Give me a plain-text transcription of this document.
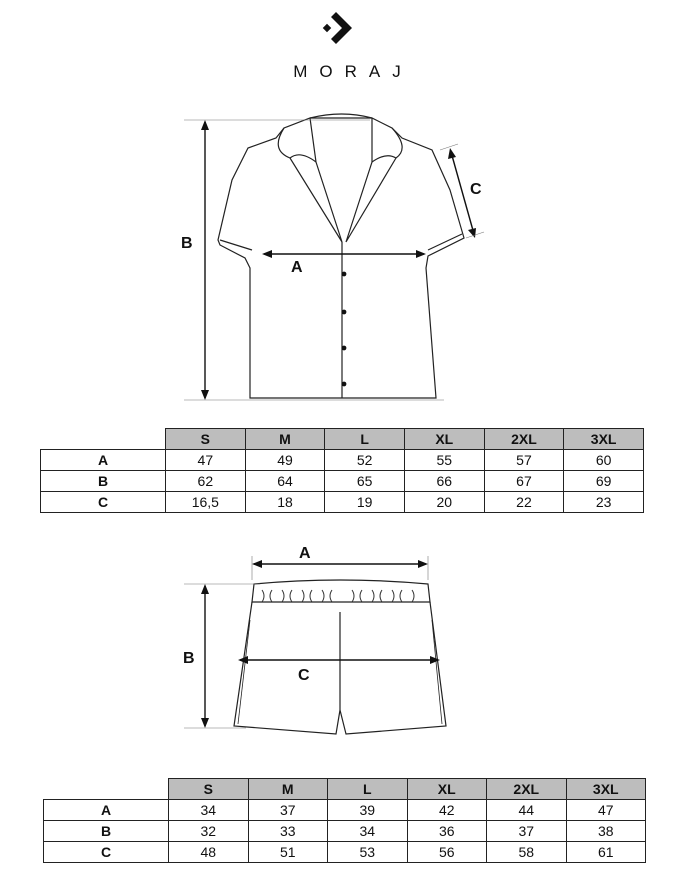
MORAJ
B
A
C
	S	M	L	XL	2XL	3XL
A	47	49	52	55	57	60
B	62	64	65	66	67	69
C	16,5	18	19	20	22	23
A
B
C
	S	M	L	XL	2XL	3XL
A	34	37	39	42	44	47
B	32	33	34	36	37	38
C	48	51	53	56	58	61
